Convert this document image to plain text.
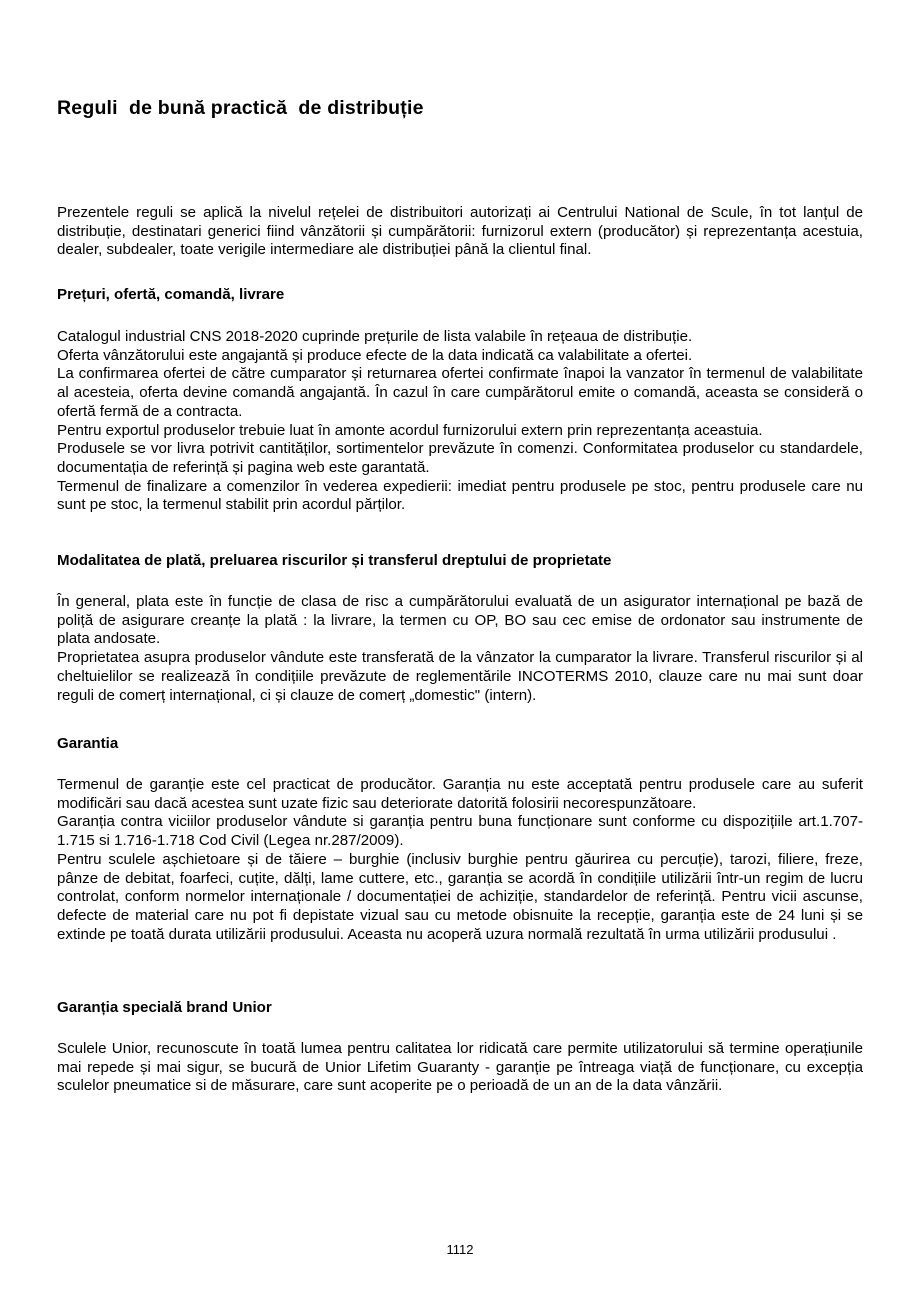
Reguli  de bună practică  de distribuție

Prezentele reguli se aplică la nivelul rețelei de distribuitori autorizați ai Centrului National de Scule, în tot lanțul de distribuție, destinatari generici fiind vânzătorii și cumpărătorii: furnizorul extern (producător) și reprezentanța acestuia, dealer, subdealer, toate verigile intermediare ale distribuției până la clientul final.

Prețuri, ofertă, comandă, livrare

Catalogul industrial CNS 2018-2020 cuprinde prețurile de lista valabile în rețeaua de distribuție.
Oferta vânzătorului este angajantă și produce efecte de la data indicată ca valabilitate a ofertei.
La confirmarea ofertei de către cumparator și returnarea ofertei confirmate înapoi la vanzator în termenul de valabilitate al acesteia, oferta devine comandă angajantă. În cazul în care cumpărătorul emite o comandă, aceasta se consideră o ofertă fermă de a contracta.
Pentru exportul produselor trebuie luat în amonte acordul furnizorului extern prin reprezentanța aceastuia.
Produsele se vor livra potrivit cantităților, sortimentelor prevăzute în comenzi. Conformitatea produselor cu standardele, documentația de referință și pagina web este garantată.
Termenul de finalizare a comenzilor în vederea expedierii: imediat pentru produsele pe stoc, pentru produsele care nu sunt pe stoc, la termenul stabilit prin acordul părților.

Modalitatea de plată, preluarea riscurilor și transferul dreptului de proprietate

În general, plata este în funcție de clasa de risc a cumpărătorului evaluată de un asigurator internațional pe bază de poliță de asigurare creanțe la plată : la livrare, la termen cu OP, BO sau cec emise de ordonator sau instrumente de plata andosate.
Proprietatea asupra produselor vândute este transferată de la vânzator la cumparator la livrare. Transferul riscurilor și al cheltuielilor se realizează în condițiile prevăzute de reglementările INCOTERMS 2010, clauze care nu mai sunt doar reguli de comerț internațional, ci și clauze de comerț „domestic" (intern).

Garantia

Termenul de garanție este cel practicat de producător. Garanția nu este acceptată pentru produsele care au suferit modificări sau dacă acestea sunt uzate fizic sau deteriorate datorită folosirii necorespunzătoare.
Garanția contra viciilor produselor vândute si garanția pentru buna funcționare sunt conforme cu dispozițiile art.1.707-1.715 si 1.716-1.718 Cod Civil (Legea nr.287/2009).
Pentru sculele așchietoare și de tăiere – burghie (inclusiv burghie pentru găurirea cu percuție), tarozi, filiere, freze, pânze de debitat, foarfeci, cuțite, dălți, lame cuttere, etc., garanția se acordă în condițiile utilizării într-un regim de lucru controlat, conform normelor internaționale / documentației de achiziție, standardelor de referință. Pentru vicii ascunse, defecte de material care nu pot fi depistate vizual sau cu metode obisnuite la recepție, garanția este de 24 luni și se extinde pe toată durata utilizării produsului. Aceasta nu acoperă uzura normală rezultată în urma utilizării produsului .

Garanția specială brand Unior

Sculele Unior, recunoscute în toată lumea pentru calitatea lor ridicată care permite utilizatorului să termine operațiunile mai repede și mai sigur, se bucură de Unior Lifetim Guaranty - garanție pe întreaga viață de funcționare, cu excepția sculelor pneumatice si de măsurare, care sunt acoperite pe o perioadă de un an de la data vânzării.

1112
